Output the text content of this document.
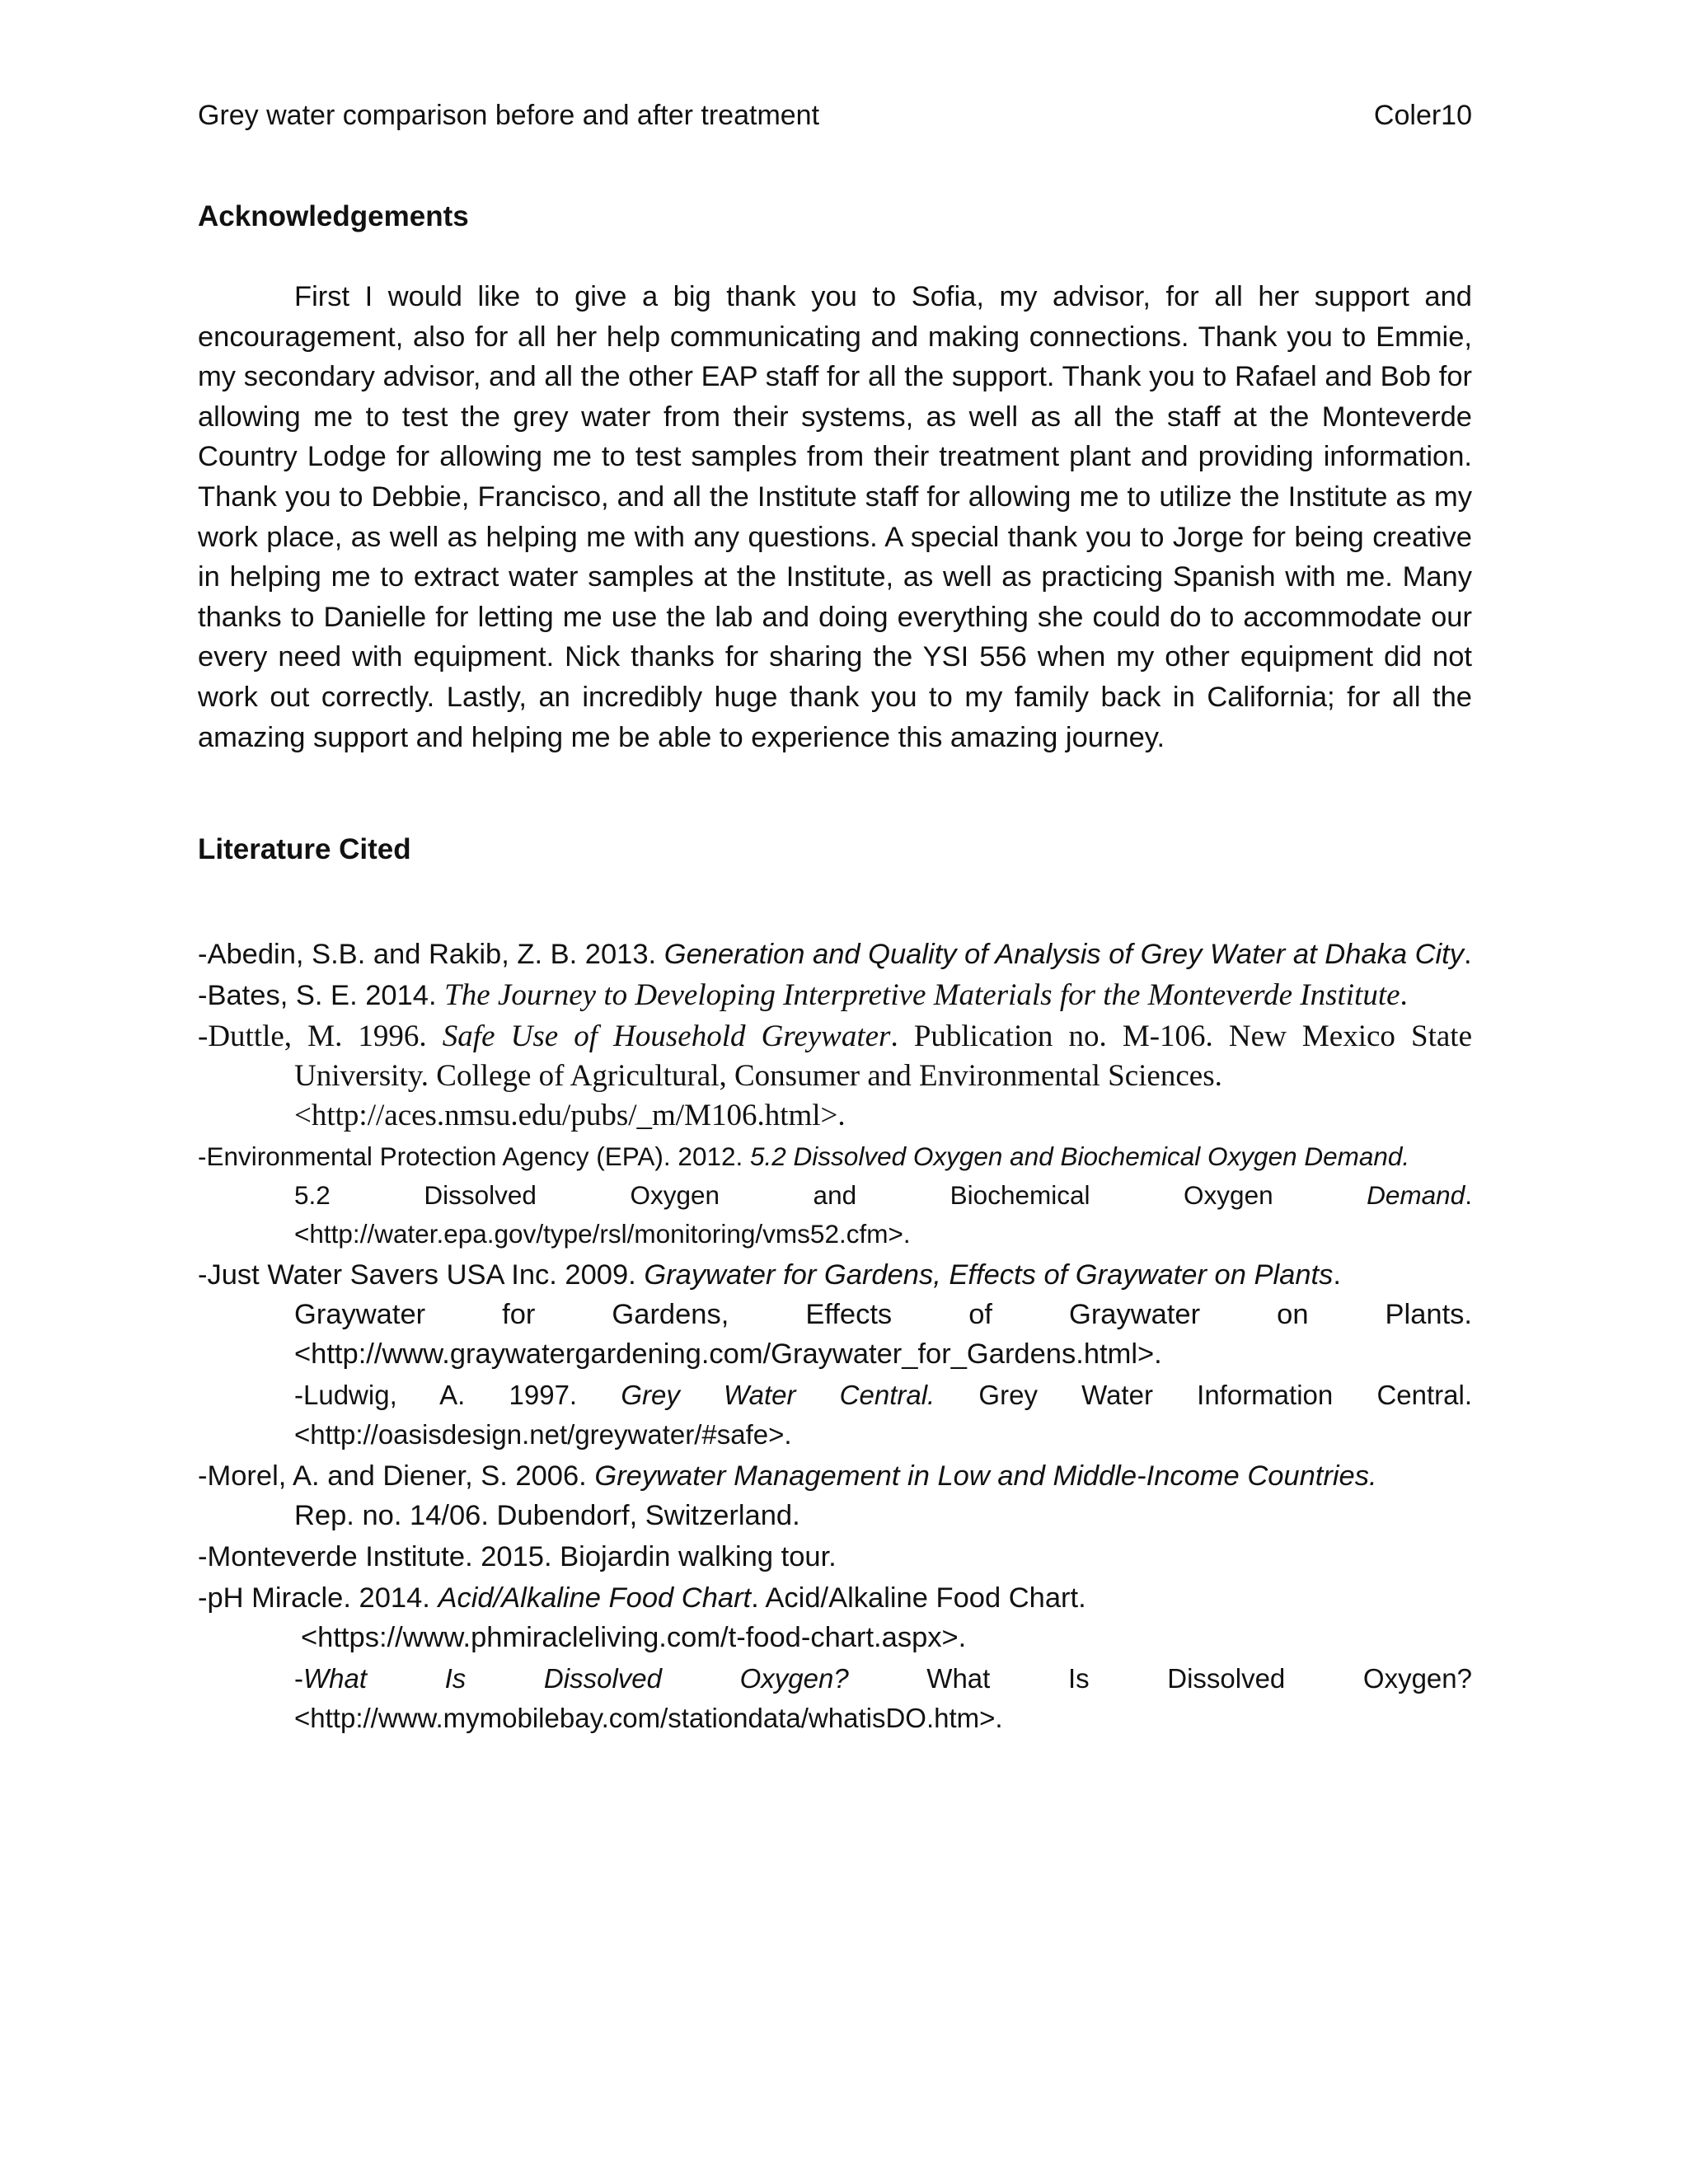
Grey water comparison before and after treatment	Coler10
Acknowledgements

First I would like to give a big thank you to Sofia, my advisor, for all her support and encouragement, also for all her help communicating and making connections. Thank you to Emmie, my secondary advisor, and all the other EAP staff for all the support. Thank you to Rafael and Bob for allowing me to test the grey water from their systems, as well as all the staff at the Monteverde Country Lodge for allowing me to test samples from their treatment plant and providing information. Thank you to Debbie, Francisco, and all the Institute staff for allowing me to utilize the Institute as my work place, as well as helping me with any questions. A special thank you to Jorge for being creative in helping me to extract water samples at the Institute, as well as practicing Spanish with me. Many thanks to Danielle for letting me use the lab and doing everything she could do to accommodate our every need with equipment. Nick thanks for sharing the YSI 556 when my other equipment did not work out correctly. Lastly, an incredibly huge thank you to my family back in California; for all the amazing support and helping me be able to experience this amazing journey.

Literature Cited
-Abedin, S.B. and Rakib, Z. B. 2013. Generation and Quality of Analysis of Grey Water at Dhaka City.
-Bates, S. E. 2014. The Journey to Developing Interpretive Materials for the Monteverde Institute.
-Duttle, M. 1996. Safe Use of Household Greywater. Publication no. M-106. New Mexico State University. College of Agricultural, Consumer and Environmental Sciences.
<http://aces.nmsu.edu/pubs/_m/M106.html>.
-Environmental Protection Agency (EPA). 2012. 5.2 Dissolved Oxygen and Biochemical Oxygen Demand.
5.2 Dissolved Oxygen and Biochemical Oxygen Demand.
<http://water.epa.gov/type/rsl/monitoring/vms52.cfm>.
-Just Water Savers USA Inc. 2009. Graywater for Gardens, Effects of Graywater on Plants.
Graywater for Gardens, Effects of Graywater on Plants.
<http://www.graywatergardening.com/Graywater_for_Gardens.html>.
-Ludwig, A. 1997. Grey Water Central. Grey Water Information Central.
<http://oasisdesign.net/greywater/#safe>.
-Morel, A. and Diener, S. 2006. Greywater Management in Low and Middle-Income Countries.
Rep. no. 14/06. Dubendorf, Switzerland.
-Monteverde Institute. 2015. Biojardin walking tour.
-pH Miracle. 2014. Acid/Alkaline Food Chart. Acid/Alkaline Food Chart.
<https://www.phmiracleliving.com/t-food-chart.aspx>.
-What Is Dissolved Oxygen? What Is Dissolved Oxygen?
<http://www.mymobilebay.com/stationdata/whatisDO.htm>.
